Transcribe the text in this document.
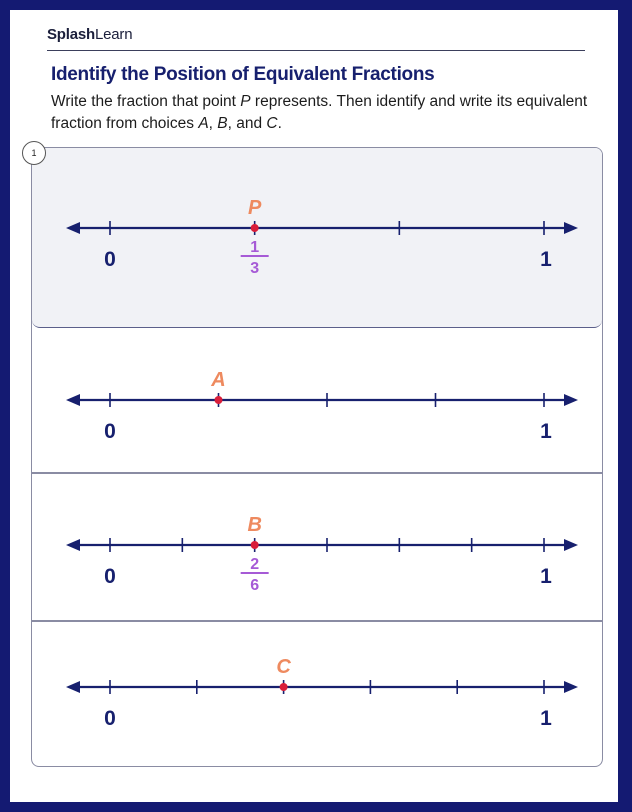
SplashLearn
Identify the Position of Equivalent Fractions
Write the fraction that point P represents. Then identify and write its equivalent fraction from choices A, B, and C.
1
P
0	1
1
3
A
0	1
B
0	1
2
6
C
0	1
